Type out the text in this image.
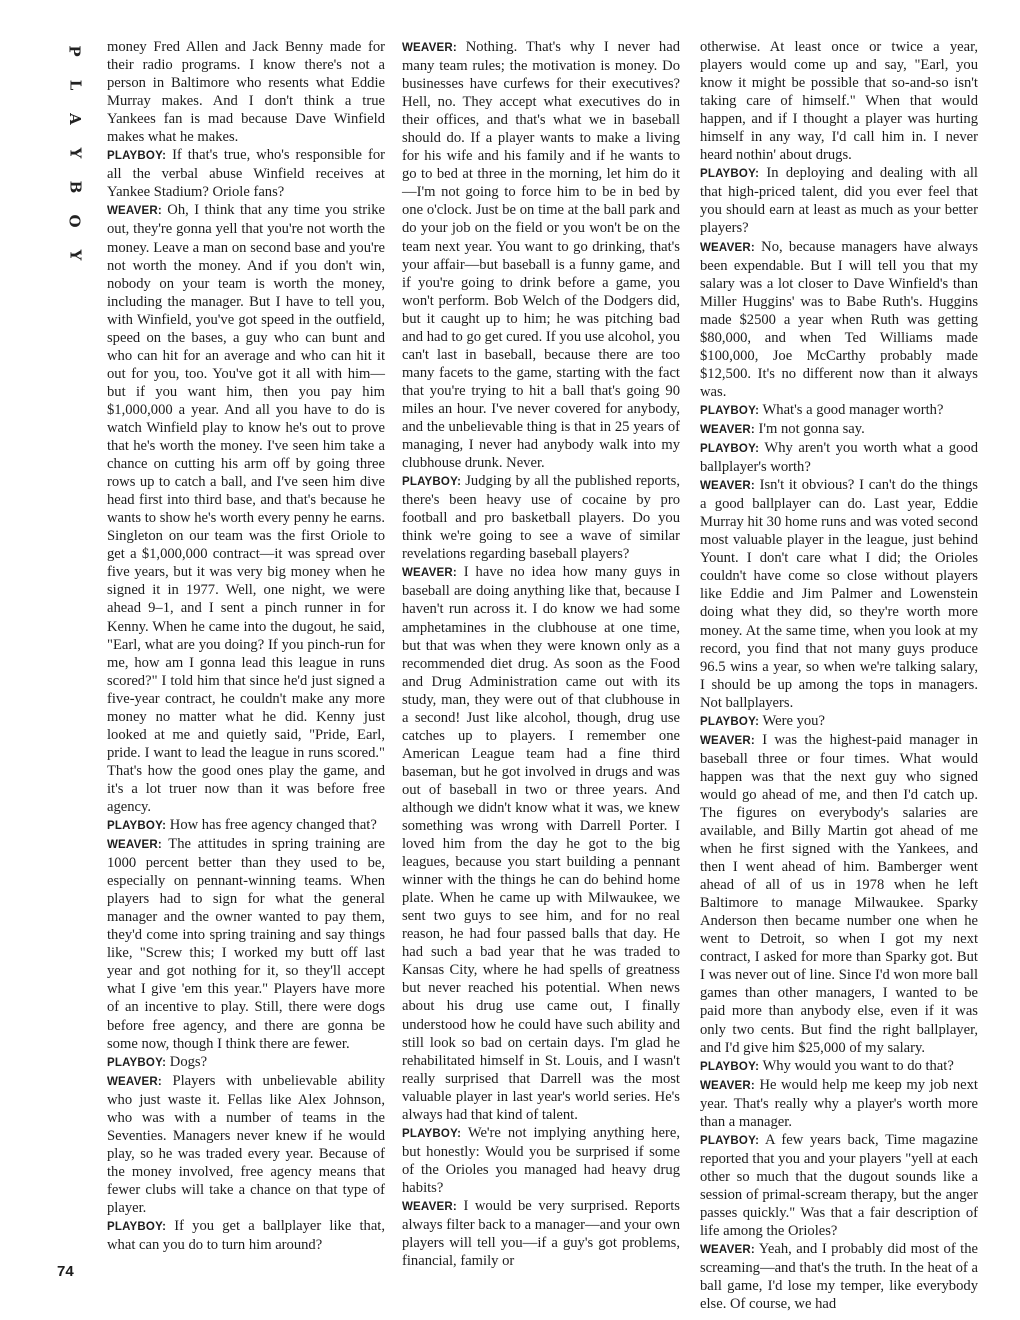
P
L
A
Y
B
O
Y
74

money Fred Allen and Jack Benny made for their radio programs. I know there's not a person in Baltimore who resents what Eddie Murray makes. And I don't think a true Yankees fan is mad because Dave Winfield makes what he makes.

PLAYBOY: If that's true, who's responsible for all the verbal abuse Winfield receives at Yankee Stadium? Oriole fans?

WEAVER: Oh, I think that any time you strike out, they're gonna yell that you're not worth the money. Leave a man on second base and you're not worth the money. And if you don't win, nobody on your team is worth the money, including the manager. But I have to tell you, with Winfield, you've got speed in the outfield, speed on the bases, a guy who can bunt and who can hit for an average and who can hit it out for you, too. You've got it all with him—but if you want him, then you pay him $1,000,000 a year. And all you have to do is watch Winfield play to know he's out to prove that he's worth the money. I've seen him take a chance on cutting his arm off by going three rows up to catch a ball, and I've seen him dive head first into third base, and that's because he wants to show he's worth every penny he earns. Singleton on our team was the first Oriole to get a $1,000,000 contract—it was spread over five years, but it was very big money when he signed it in 1977. Well, one night, we were ahead 9–1, and I sent a pinch runner in for Kenny. When he came into the dugout, he said, "Earl, what are you doing? If you pinch-run for me, how am I gonna lead this league in runs scored?" I told him that since he'd just signed a five-year contract, he couldn't make any more money no matter what he did. Kenny just looked at me and quietly said, "Pride, Earl, pride. I want to lead the league in runs scored." That's how the good ones play the game, and it's a lot truer now than it was before free agency.

PLAYBOY: How has free agency changed that?

WEAVER: The attitudes in spring training are 1000 percent better than they used to be, especially on pennant-winning teams. When players had to sign for what the general manager and the owner wanted to pay them, they'd come into spring training and say things like, "Screw this; I worked my butt off last year and got nothing for it, so they'll accept what I give 'em this year." Players have more of an incentive to play. Still, there were dogs before free agency, and there are gonna be some now, though I think there are fewer.

PLAYBOY: Dogs?

WEAVER: Players with unbelievable ability who just waste it. Fellas like Alex Johnson, who was with a number of teams in the Seventies. Managers never knew if he would play, so he was traded every year. Because of the money involved, free agency means that fewer clubs will take a chance on that type of player.

PLAYBOY: If you get a ballplayer like that, what can you do to turn him around?

WEAVER: Nothing. That's why I never had many team rules; the motivation is money. Do businesses have curfews for their executives? Hell, no. They accept what executives do in their offices, and that's what we in baseball should do. If a player wants to make a living for his wife and his family and if he wants to go to bed at three in the morning, let him do it—I'm not going to force him to be in bed by one o'clock. Just be on time at the ball park and do your job on the field or you won't be on the team next year. You want to go drinking, that's your affair—but baseball is a funny game, and if you're going to drink before a game, you won't perform. Bob Welch of the Dodgers did, but it caught up to him; he was pitching bad and had to go get cured. If you use alcohol, you can't last in baseball, because there are too many facets to the game, starting with the fact that you're trying to hit a ball that's going 90 miles an hour. I've never covered for anybody, and the unbelievable thing is that in 25 years of managing, I never had anybody walk into my clubhouse drunk. Never.

PLAYBOY: Judging by all the published reports, there's been heavy use of cocaine by pro football and pro basketball players. Do you think we're going to see a wave of similar revelations regarding baseball players?

WEAVER: I have no idea how many guys in baseball are doing anything like that, because I haven't run across it. I do know we had some amphetamines in the clubhouse at one time, but that was when they were known only as a recommended diet drug. As soon as the Food and Drug Administration came out with its study, man, they were out of that clubhouse in a second! Just like alcohol, though, drug use catches up to players. I remember one American League team had a fine third baseman, but he got involved in drugs and was out of baseball in two or three years. And although we didn't know what it was, we knew something was wrong with Darrell Porter. I loved him from the day he got to the big leagues, because you start building a pennant winner with the things he can do behind home plate. When he came up with Milwaukee, we sent two guys to see him, and for no real reason, he had four passed balls that day. He had such a bad year that he was traded to Kansas City, where he had spells of greatness but never reached his potential. When news about his drug use came out, I finally understood how he could have such ability and still look so bad on certain days. I'm glad he rehabilitated himself in St. Louis, and I wasn't really surprised that Darrell was the most valuable player in last year's world series. He's always had that kind of talent.

PLAYBOY: We're not implying anything here, but honestly: Would you be surprised if some of the Orioles you managed had heavy drug habits?

WEAVER: I would be very surprised. Reports always filter back to a manager—and your own players will tell you—if a guy's got problems, financial, family or

otherwise. At least once or twice a year, players would come up and say, "Earl, you know it might be possible that so-and-so isn't taking care of himself." When that would happen, and if I thought a player was hurting himself in any way, I'd call him in. I never heard nothin' about drugs.

PLAYBOY: In deploying and dealing with all that high-priced talent, did you ever feel that you should earn at least as much as your better players?

WEAVER: No, because managers have always been expendable. But I will tell you that my salary was a lot closer to Dave Winfield's than Miller Huggins' was to Babe Ruth's. Huggins made $2500 a year when Ruth was getting $80,000, and when Ted Williams made $100,000, Joe McCarthy probably made $12,500. It's no different now than it always was.

PLAYBOY: What's a good manager worth?

WEAVER: I'm not gonna say.

PLAYBOY: Why aren't you worth what a good ballplayer's worth?

WEAVER: Isn't it obvious? I can't do the things a good ballplayer can do. Last year, Eddie Murray hit 30 home runs and was voted second most valuable player in the league, just behind Yount. I don't care what I did; the Orioles couldn't have come so close without players like Eddie and Jim Palmer and Lowenstein doing what they did, so they're worth more money. At the same time, when you look at my record, you find that not many guys produce 96.5 wins a year, so when we're talking salary, I should be up among the tops in managers. Not ballplayers.

PLAYBOY: Were you?

WEAVER: I was the highest-paid manager in baseball three or four times. What would happen was that the next guy who signed would go ahead of me, and then I'd catch up. The figures on everybody's salaries are available, and Billy Martin got ahead of me when he first signed with the Yankees, and then I went ahead of him. Bamberger went ahead of all of us in 1978 when he left Baltimore to manage Milwaukee. Sparky Anderson then became number one when he went to Detroit, so when I got my next contract, I asked for more than Sparky got. But I was never out of line. Since I'd won more ball games than other managers, I wanted to be paid more than anybody else, even if it was only two cents. But find the right ballplayer, and I'd give him $25,000 of my salary.

PLAYBOY: Why would you want to do that?

WEAVER: He would help me keep my job next year. That's really why a player's worth more than a manager.

PLAYBOY: A few years back, Time magazine reported that you and your players "yell at each other so much that the dugout sounds like a session of primal-scream therapy, but the anger passes quickly." Was that a fair description of life among the Orioles?

WEAVER: Yeah, and I probably did most of the screaming—and that's the truth. In the heat of a ball game, I'd lose my temper, like everybody else. Of course, we had
